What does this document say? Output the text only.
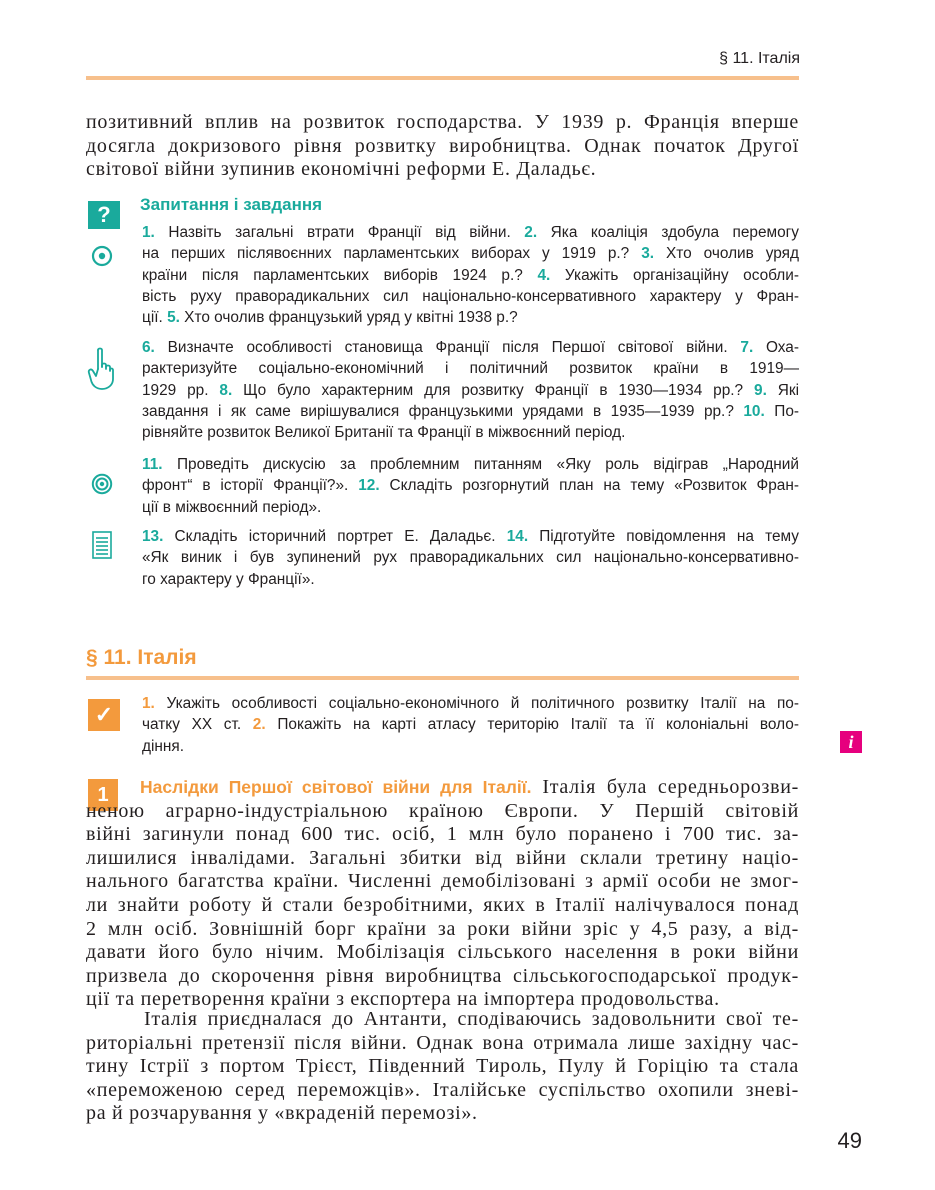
§ 11. Італія
позитивний вплив на розвиток господарства. У 1939 р. Франція вперше
досягла докризового рівня розвитку виробництва. Однак початок Другої
світової війни зупинив економічні реформи Е. Даладьє.
?	Запитання і завдання
1. Назвіть загальні втрати Франції від війни. 2. Яка коаліція здобула перемогу
на перших післявоєнних парламентських виборах у 1919 р.? 3. Хто очолив уряд
країни після парламентських виборів 1924 р.? 4. Укажіть організаційну особли-
вість руху праворадикальних сил національно-консервативного характеру у Фран-
ції. 5. Хто очолив французький уряд у квітні 1938 р.?
6. Визначте особливості становища Франції після Першої світової війни. 7. Оха-
рактеризуйте соціально-економічний і політичний розвиток країни в 1919—
1929 рр. 8. Що було характерним для розвитку Франції в 1930—1934 рр.? 9. Які
завдання і як саме вирішувалися французькими урядами в 1935—1939 рр.? 10. По-
рівняйте розвиток Великої Британії та Франції в міжвоєнний період.
11. Проведіть дискусію за проблемним питанням «Яку роль відіграв „Народний
фронт“ в історії Франції?». 12. Складіть розгорнутий план на тему «Розвиток Фран-
ції в міжвоєнний період».
13. Складіть історичний портрет Е. Даладьє. 14. Підготуйте повідомлення на тему
«Як виник і був зупинений рух праворадикальних сил національно-консервативно-
го характеру у Франції».
§ 11. Італія
✓	1. Укажіть особливості соціально-економічного й політичного розвитку Італії на по-
чатку XX ст. 2. Покажіть на карті атласу територію Італії та її колоніальні воло-
діння.	i
1	Наслідки Першої світової війни для Італії. Італія була середньорозви-
неною аграрно-індустріальною країною Європи. У Першій світовій
війні загинули понад 600 тис. осіб, 1 млн було поранено і 700 тис. за-
лишилися інвалідами. Загальні збитки від війни склали третину націо-
нального багатства країни. Численні демобілізовані з армії особи не змог-
ли знайти роботу й стали безробітними, яких в Італії налічувалося понад
2 млн осіб. Зовнішній борг країни за роки війни зріс у 4,5 разу, а від-
давати його було нічим. Мобілізація сільського населення в роки війни
призвела до скорочення рівня виробництва сільськогосподарської продук-
ції та перетворення країни з експортера на імпортера продовольства.
Італія приєдналася до Антанти, сподіваючись задовольнити свої те-
риторіальні претензії після війни. Однак вона отримала лише західну час-
тину Істрії з портом Трієст, Південний Тироль, Пулу й Горіцію та стала
«переможеною серед переможців». Італійське суспільство охопили зневі-
ра й розчарування у «вкраденій перемозі».
49
